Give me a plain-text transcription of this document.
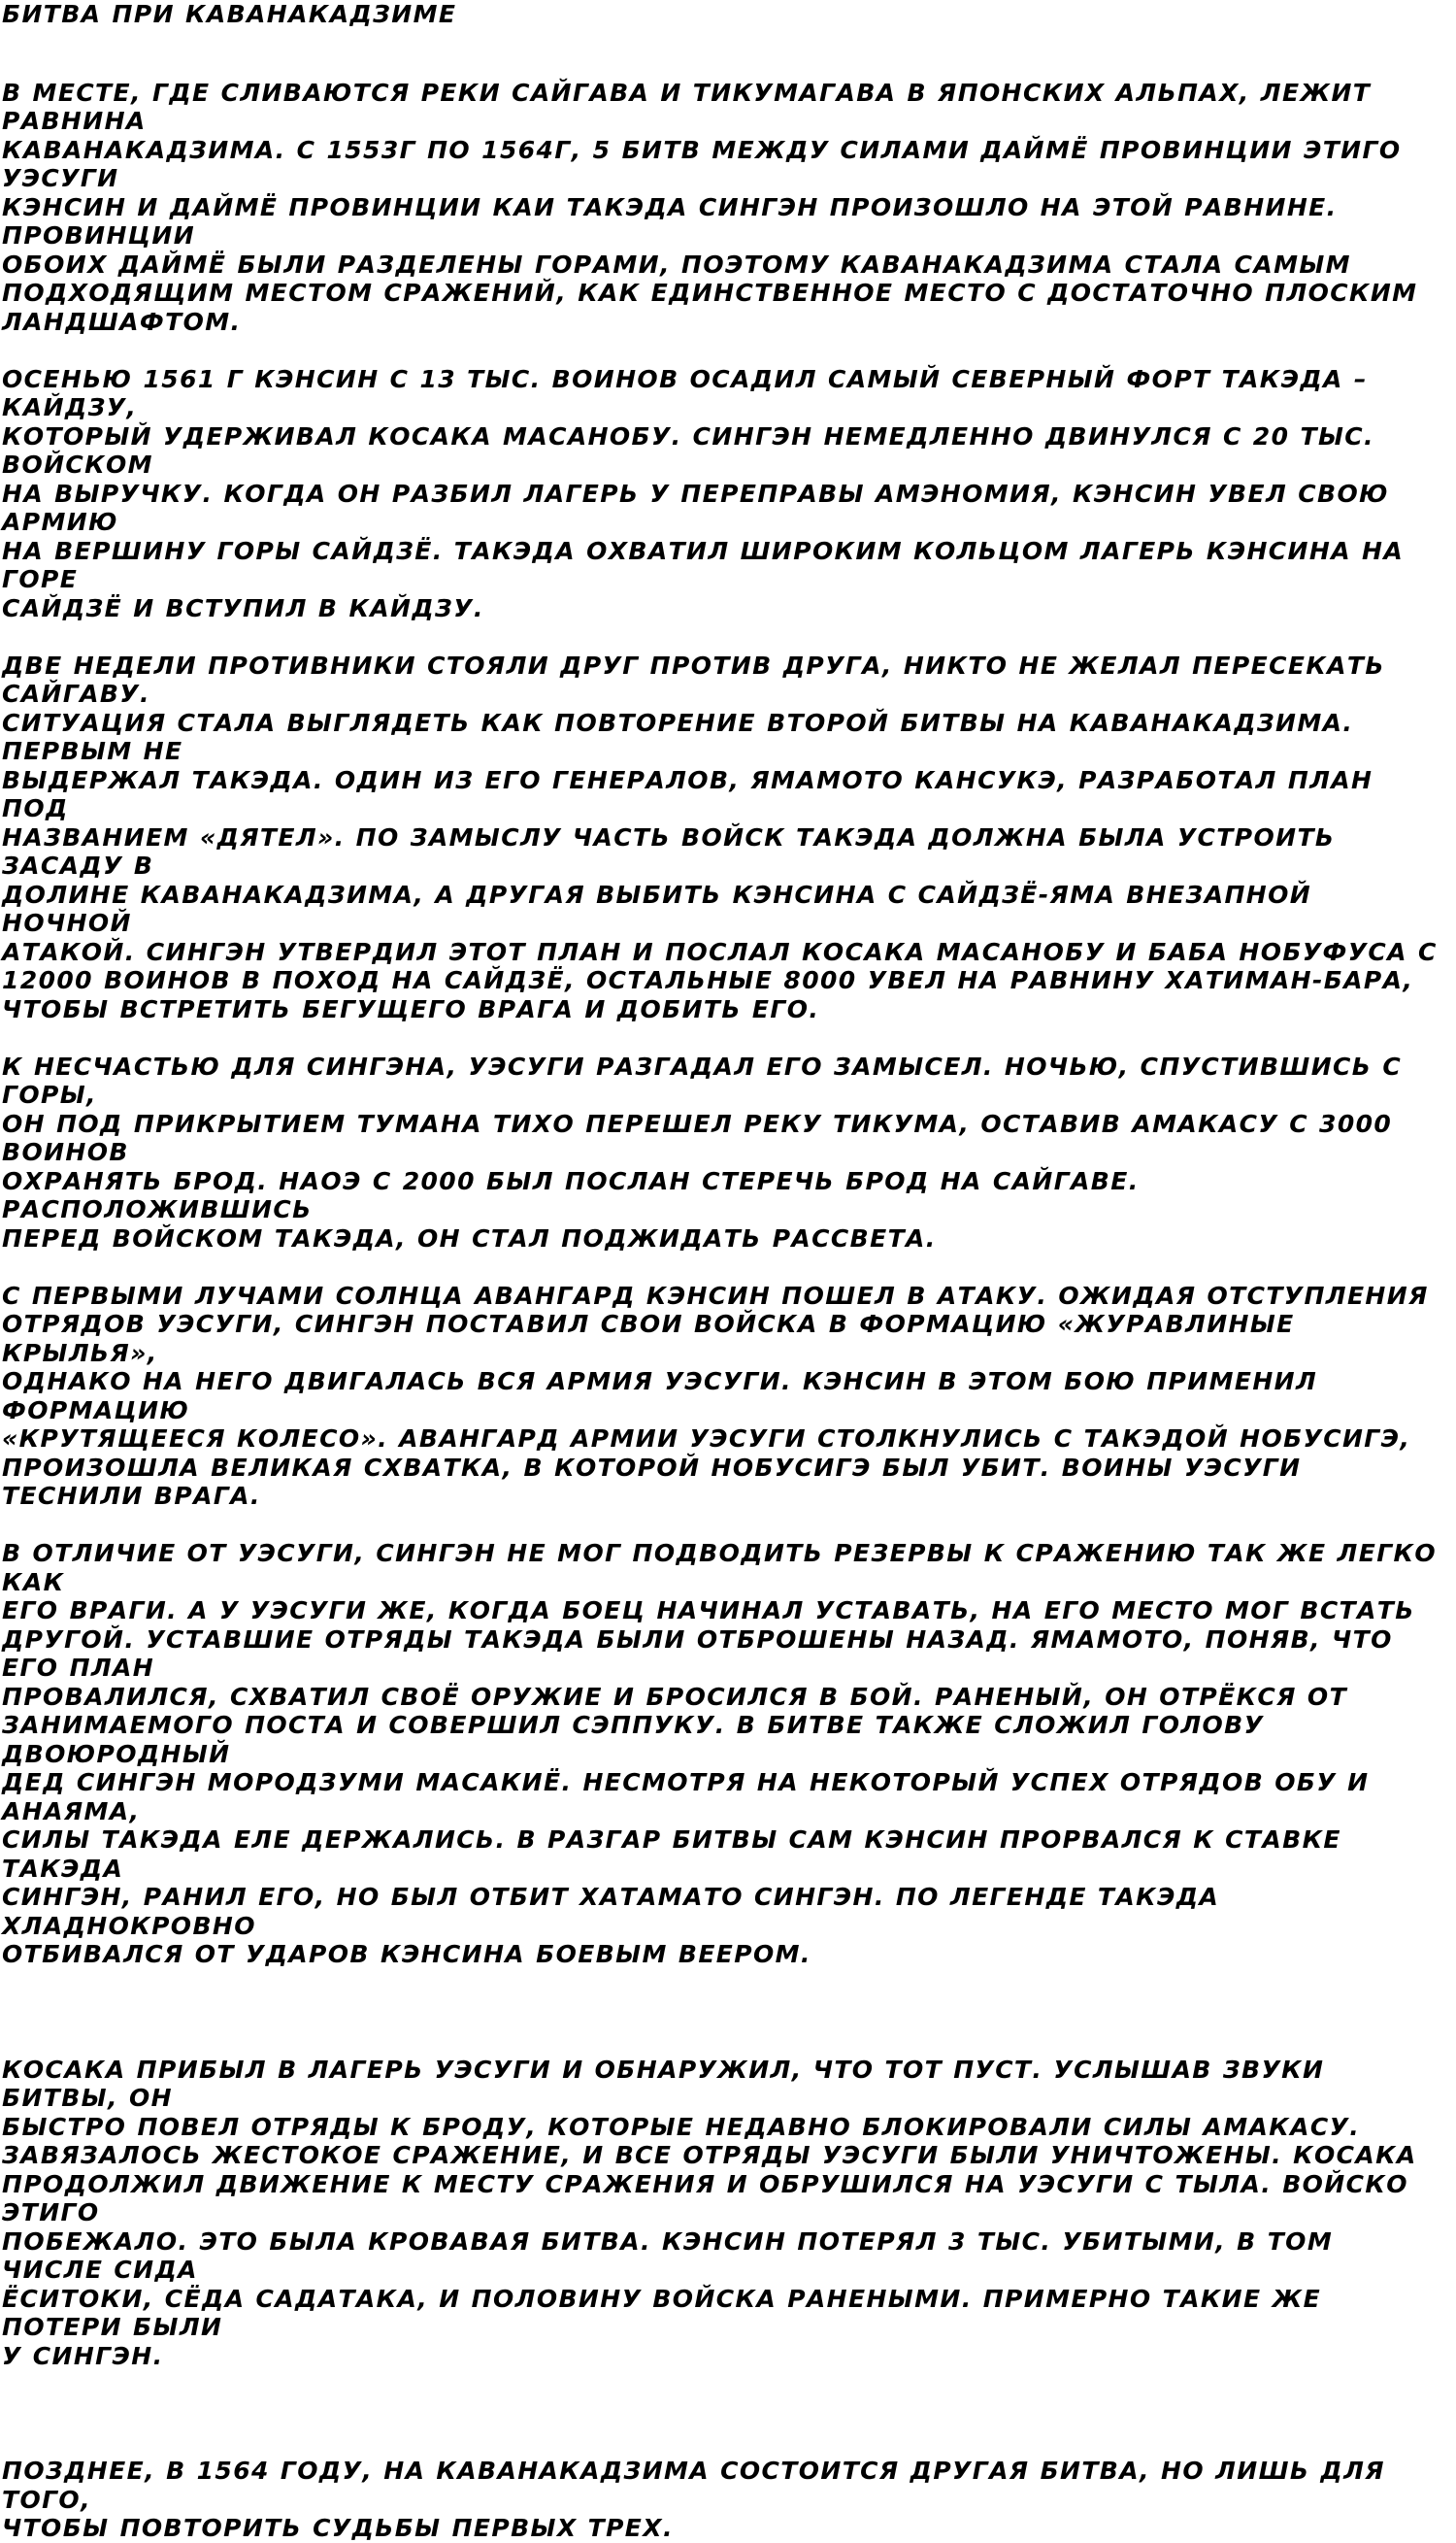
БИТВА ПРИ КАВАНАКАДЗИМЕ

В МЕСТЕ, ГДЕ СЛИВАЮТСЯ РЕКИ САЙГАВА И ТИКУМАГАВА В ЯПОНСКИХ АЛЬПАХ, ЛЕЖИТ РАВНИНА
КАВАНАКАДЗИМА. С 1553Г ПО 1564Г, 5 БИТВ МЕЖДУ СИЛАМИ ДАЙМЁ ПРОВИНЦИИ ЭТИГО УЭСУГИ
КЭНСИН И ДАЙМЁ ПРОВИНЦИИ КАИ ТАКЭДА СИНГЭН ПРОИЗОШЛО НА ЭТОЙ РАВНИНЕ. ПРОВИНЦИИ
ОБОИХ ДАЙМЁ БЫЛИ РАЗДЕЛЕНЫ ГОРАМИ, ПОЭТОМУ КАВАНАКАДЗИМА СТАЛА САМЫМ
ПОДХОДЯЩИМ МЕСТОМ СРАЖЕНИЙ, КАК ЕДИНСТВЕННОЕ МЕСТО С ДОСТАТОЧНО ПЛОСКИМ
ЛАНДШАФТОМ.

ОСЕНЬЮ 1561 Г КЭНСИН С 13 ТЫС. ВОИНОВ ОСАДИЛ САМЫЙ СЕВЕРНЫЙ ФОРТ ТАКЭДА – КАЙДЗУ,
КОТОРЫЙ УДЕРЖИВАЛ КОСАКА МАСАНОБУ. СИНГЭН НЕМЕДЛЕННО ДВИНУЛСЯ С 20 ТЫС. ВОЙСКОМ
НА ВЫРУЧКУ. КОГДА ОН РАЗБИЛ ЛАГЕРЬ У ПЕРЕПРАВЫ АМЭНОМИЯ, КЭНСИН УВЕЛ СВОЮ АРМИЮ
НА ВЕРШИНУ ГОРЫ САЙДЗЁ. ТАКЭДА ОХВАТИЛ ШИРОКИМ КОЛЬЦОМ ЛАГЕРЬ КЭНСИНА НА ГОРЕ
САЙДЗЁ И ВСТУПИЛ В КАЙДЗУ.

ДВЕ НЕДЕЛИ ПРОТИВНИКИ СТОЯЛИ ДРУГ ПРОТИВ ДРУГА, НИКТО НЕ ЖЕЛАЛ ПЕРЕСЕКАТЬ САЙГАВУ.
СИТУАЦИЯ СТАЛА ВЫГЛЯДЕТЬ КАК ПОВТОРЕНИЕ ВТОРОЙ БИТВЫ НА КАВАНАКАДЗИМА. ПЕРВЫМ НЕ
ВЫДЕРЖАЛ ТАКЭДА. ОДИН ИЗ ЕГО ГЕНЕРАЛОВ, ЯМАМОТО КАНСУКЭ, РАЗРАБОТАЛ ПЛАН ПОД
НАЗВАНИЕМ «ДЯТЕЛ». ПО ЗАМЫСЛУ ЧАСТЬ ВОЙСК ТАКЭДА ДОЛЖНА БЫЛА УСТРОИТЬ ЗАСАДУ В
ДОЛИНЕ КАВАНАКАДЗИМА, А ДРУГАЯ ВЫБИТЬ КЭНСИНА С САЙДЗЁ-ЯМА ВНЕЗАПНОЙ НОЧНОЙ
АТАКОЙ. СИНГЭН УТВЕРДИЛ ЭТОТ ПЛАН И ПОСЛАЛ КОСАКА МАСАНОБУ И БАБА НОБУФУСА С
12000 ВОИНОВ В ПОХОД НА САЙДЗЁ, ОСТАЛЬНЫЕ 8000 УВЕЛ НА РАВНИНУ ХАТИМАН-БАРА,
ЧТОБЫ ВСТРЕТИТЬ БЕГУЩЕГО ВРАГА И ДОБИТЬ ЕГО.

К НЕСЧАСТЬЮ ДЛЯ СИНГЭНА, УЭСУГИ РАЗГАДАЛ ЕГО ЗАМЫСЕЛ. НОЧЬЮ, СПУСТИВШИСЬ С ГОРЫ,
ОН ПОД ПРИКРЫТИЕМ ТУМАНА ТИХО ПЕРЕШЕЛ РЕКУ ТИКУМА, ОСТАВИВ АМАКАСУ С 3000 ВОИНОВ
ОХРАНЯТЬ БРОД. НАОЭ С 2000 БЫЛ ПОСЛАН СТЕРЕЧЬ БРОД НА САЙГАВЕ. РАСПОЛОЖИВШИСЬ
ПЕРЕД ВОЙСКОМ ТАКЭДА, ОН СТАЛ ПОДЖИДАТЬ РАССВЕТА.

С ПЕРВЫМИ ЛУЧАМИ СОЛНЦА АВАНГАРД КЭНСИН ПОШЕЛ В АТАКУ. ОЖИДАЯ ОТСТУПЛЕНИЯ
ОТРЯДОВ УЭСУГИ, СИНГЭН ПОСТАВИЛ СВОИ ВОЙСКА В ФОРМАЦИЮ «ЖУРАВЛИНЫЕ КРЫЛЬЯ»,
ОДНАКО НА НЕГО ДВИГАЛАСЬ ВСЯ АРМИЯ УЭСУГИ. КЭНСИН В ЭТОМ БОЮ ПРИМЕНИЛ ФОРМАЦИЮ
«КРУТЯЩЕЕСЯ КОЛЕСО». АВАНГАРД АРМИИ УЭСУГИ СТОЛКНУЛИСЬ С ТАКЭДОЙ НОБУСИГЭ,
ПРОИЗОШЛА ВЕЛИКАЯ СХВАТКА, В КОТОРОЙ НОБУСИГЭ БЫЛ УБИТ. ВОИНЫ УЭСУГИ ТЕСНИЛИ ВРАГА.

В ОТЛИЧИЕ ОТ УЭСУГИ, СИНГЭН НЕ МОГ ПОДВОДИТЬ РЕЗЕРВЫ К СРАЖЕНИЮ ТАК ЖЕ ЛЕГКО КАК
ЕГО ВРАГИ. А У УЭСУГИ ЖЕ, КОГДА БОЕЦ НАЧИНАЛ УСТАВАТЬ, НА ЕГО МЕСТО МОГ ВСТАТЬ
ДРУГОЙ. УСТАВШИЕ ОТРЯДЫ ТАКЭДА БЫЛИ ОТБРОШЕНЫ НАЗАД. ЯМАМОТО, ПОНЯВ, ЧТО ЕГО ПЛАН
ПРОВАЛИЛСЯ, СХВАТИЛ СВОЁ ОРУЖИЕ И БРОСИЛСЯ В БОЙ. РАНЕНЫЙ, ОН ОТРЁКСЯ ОТ
ЗАНИМАЕМОГО ПОСТА И СОВЕРШИЛ СЭППУКУ. В БИТВЕ ТАКЖЕ СЛОЖИЛ ГОЛОВУ ДВОЮРОДНЫЙ
ДЕД СИНГЭН МОРОДЗУМИ МАСАКИЁ. НЕСМОТРЯ НА НЕКОТОРЫЙ УСПЕХ ОТРЯДОВ ОБУ И АНАЯМА,
СИЛЫ ТАКЭДА ЕЛЕ ДЕРЖАЛИСЬ. В РАЗГАР БИТВЫ САМ КЭНСИН ПРОРВАЛСЯ К СТАВКЕ ТАКЭДА
СИНГЭН, РАНИЛ ЕГО, НО БЫЛ ОТБИТ ХАТАМАТО СИНГЭН. ПО ЛЕГЕНДЕ ТАКЭДА ХЛАДНОКРОВНО
ОТБИВАЛСЯ ОТ УДАРОВ КЭНСИНА БОЕВЫМ ВЕЕРОМ.

КОСАКА ПРИБЫЛ В ЛАГЕРЬ УЭСУГИ И ОБНАРУЖИЛ, ЧТО ТОТ ПУСТ. УСЛЫШАВ ЗВУКИ БИТВЫ, ОН
БЫСТРО ПОВЕЛ ОТРЯДЫ К БРОДУ, КОТОРЫЕ НЕДАВНО БЛОКИРОВАЛИ СИЛЫ АМАКАСУ.
ЗАВЯЗАЛОСЬ ЖЕСТОКОЕ СРАЖЕНИЕ, И ВСЕ ОТРЯДЫ УЭСУГИ БЫЛИ УНИЧТОЖЕНЫ. КОСАКА
ПРОДОЛЖИЛ ДВИЖЕНИЕ К МЕСТУ СРАЖЕНИЯ И ОБРУШИЛСЯ НА УЭСУГИ С ТЫЛА. ВОЙСКО ЭТИГО
ПОБЕЖАЛО. ЭТО БЫЛА КРОВАВАЯ БИТВА. КЭНСИН ПОТЕРЯЛ 3 ТЫС. УБИТЫМИ, В ТОМ ЧИСЛЕ СИДА
ЁСИТОКИ, СЁДА САДАТАКА, И ПОЛОВИНУ ВОЙСКА РАНЕНЫМИ. ПРИМЕРНО ТАКИЕ ЖЕ ПОТЕРИ БЫЛИ
У СИНГЭН.

ПОЗДНЕЕ, В 1564 ГОДУ, НА КАВАНАКАДЗИМА СОСТОИТСЯ ДРУГАЯ БИТВА, НО ЛИШЬ ДЛЯ ТОГО,
ЧТОБЫ ПОВТОРИТЬ СУДЬБЫ ПЕРВЫХ ТРЕХ.
